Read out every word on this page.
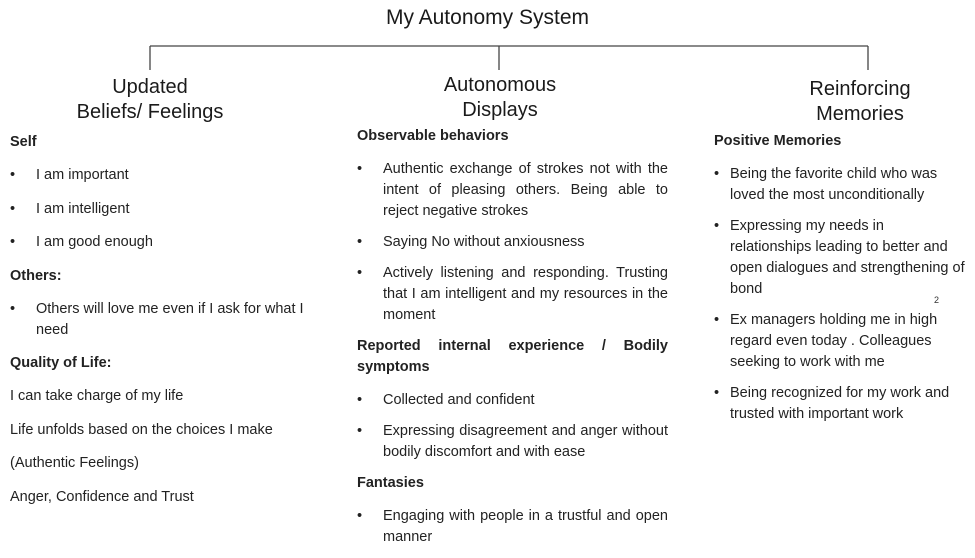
My Autonomy System
Updated
Beliefs/ Feelings
Autonomous
Displays
Reinforcing
Memories
Self
• I am important
• I am intelligent
• I am good enough
Others:
• Others will love me even if I ask for what I need
Quality of Life:
I can take charge of my life
Life unfolds based on the choices I make
(Authentic Feelings)
Anger, Confidence and Trust
Observable behaviors
• Authentic exchange of strokes not with the intent of pleasing others. Being able to reject negative strokes
• Saying No without anxiousness
• Actively listening and responding. Trusting that I am intelligent and my resources in the moment
Reported internal experience / Bodily symptoms
• Collected and confident
• Expressing disagreement and anger without bodily discomfort and with ease
Fantasies
• Engaging with people in a trustful and open manner
Positive Memories
• Being the favorite child who was loved the most unconditionally
• Expressing my needs in relationships leading to better and open dialogues and strengthening of bond
• Ex managers holding me in high regard even today . Colleagues seeking to work with me
• Being recognized for my work and trusted with important work
2
